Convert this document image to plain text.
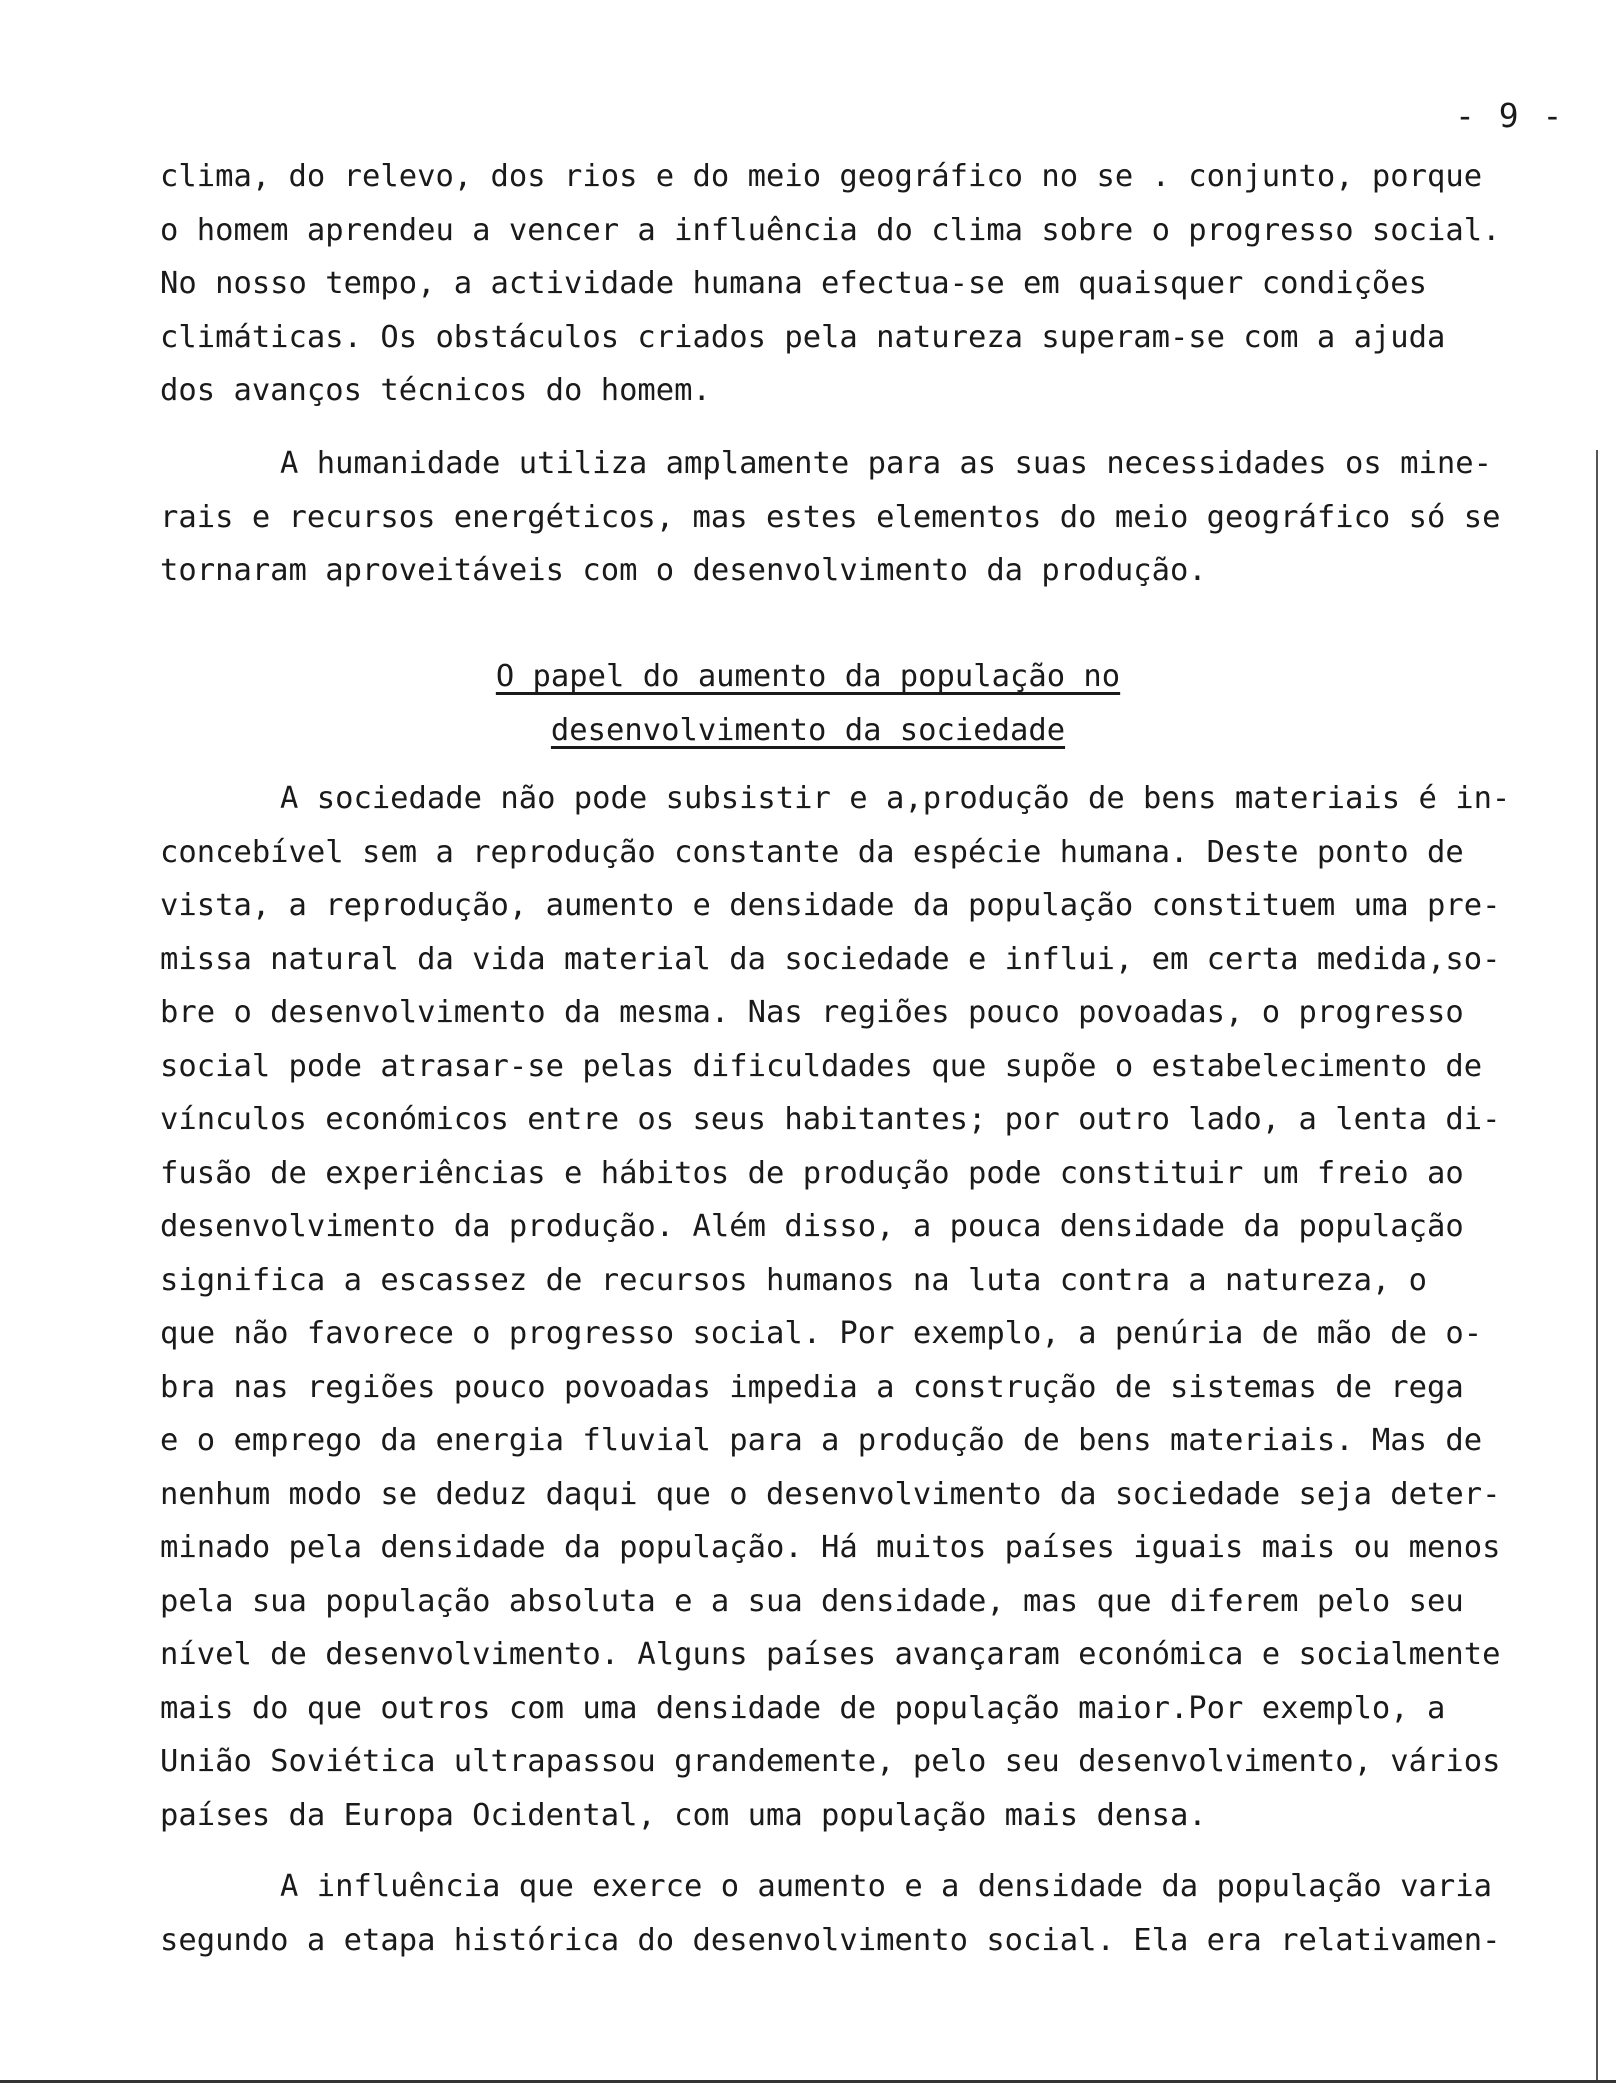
- 9 -
clima, do relevo, dos rios e do meio geográfico no se . conjunto, porque
o homem aprendeu a vencer a influência do clima sobre o progresso social.
No nosso tempo, a actividade humana efectua-se em quaisquer condições
climáticas. Os obstáculos criados pela natureza superam-se com a ajuda
dos avanços técnicos do homem.
A humanidade utiliza amplamente para as suas necessidades os mine-
rais e recursos energéticos, mas estes elementos do meio geográfico só se
tornaram aproveitáveis com o desenvolvimento da produção.
O papel do aumento da população no
desenvolvimento da sociedade
A sociedade não pode subsistir e a,produção de bens materiais é in-
concebível sem a reprodução constante da espécie humana. Deste ponto de
vista, a reprodução, aumento e densidade da população constituem uma pre-
missa natural da vida material da sociedade e influi, em certa medida,so-
bre o desenvolvimento da mesma. Nas regiões pouco povoadas, o progresso
social pode atrasar-se pelas dificuldades que supõe o estabelecimento de
vínculos económicos entre os seus habitantes; por outro lado, a lenta di-
fusão de experiências e hábitos de produção pode constituir um freio ao
desenvolvimento da produção. Além disso, a pouca densidade da população
significa a escassez de recursos humanos na luta contra a natureza, o
que não favorece o progresso social. Por exemplo, a penúria de mão de o-
bra nas regiões pouco povoadas impedia a construção de sistemas de rega
e o emprego da energia fluvial para a produção de bens materiais. Mas de
nenhum modo se deduz daqui que o desenvolvimento da sociedade seja deter-
minado pela densidade da população. Há muitos países iguais mais ou menos
pela sua população absoluta e a sua densidade, mas que diferem pelo seu
nível de desenvolvimento. Alguns países avançaram económica e socialmente
mais do que outros com uma densidade de população maior.Por exemplo, a
União Soviética ultrapassou grandemente, pelo seu desenvolvimento, vários
países da Europa Ocidental, com uma população mais densa.
A influência que exerce o aumento e a densidade da população varia
segundo a etapa histórica do desenvolvimento social. Ela era relativamen-
